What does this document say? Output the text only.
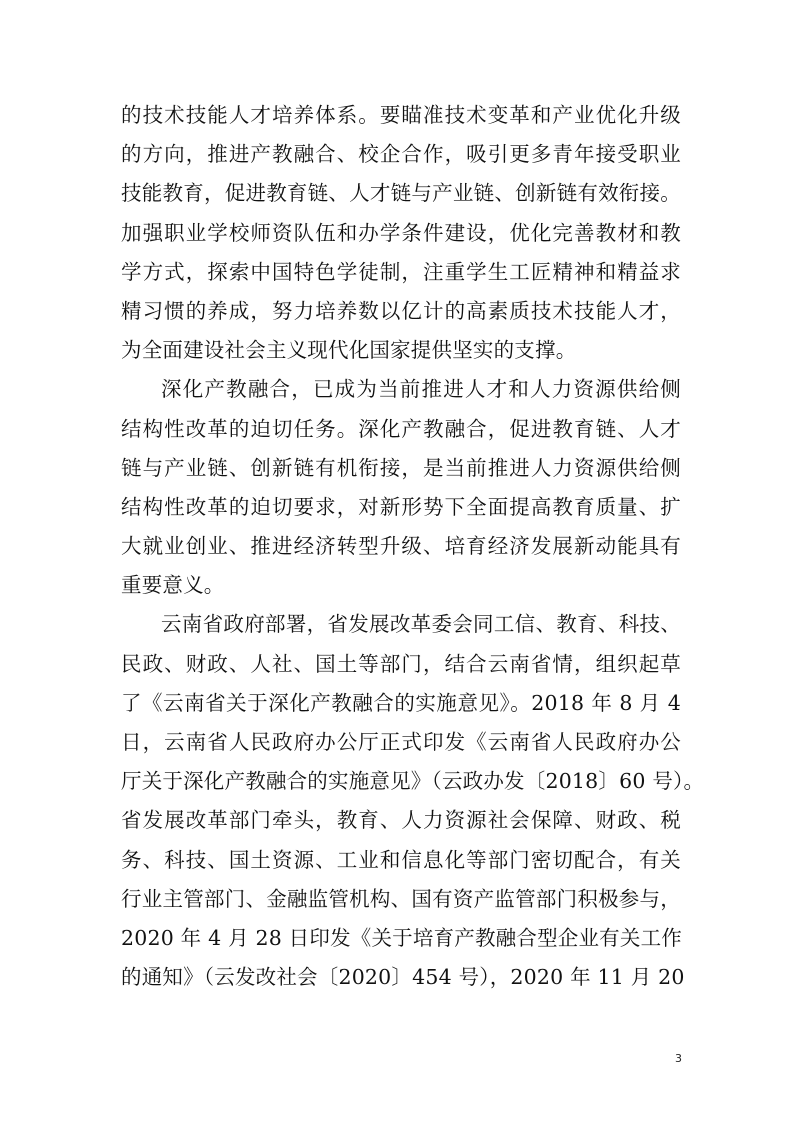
的技术技能人才培养体系。要瞄准技术变革和产业优化升级
的方向，推进产教融合、校企合作，吸引更多青年接受职业
技能教育，促进教育链、人才链与产业链、创新链有效衔接。
加强职业学校师资队伍和办学条件建设，优化完善教材和教
学方式，探索中国特色学徒制，注重学生工匠精神和精益求
精习惯的养成，努力培养数以亿计的高素质技术技能人才，
为全面建设社会主义现代化国家提供坚实的支撑。
深化产教融合，已成为当前推进人才和人力资源供给侧
结构性改革的迫切任务。深化产教融合，促进教育链、人才
链与产业链、创新链有机衔接，是当前推进人力资源供给侧
结构性改革的迫切要求，对新形势下全面提高教育质量、扩
大就业创业、推进经济转型升级、培育经济发展新动能具有
重要意义。
云南省政府部署，省发展改革委会同工信、教育、科技、
民政、财政、人社、国土等部门，结合云南省情，组织起草
了《云南省关于深化产教融合的实施意见》。2018 年 8 月 4
日，云南省人民政府办公厅正式印发《云南省人民政府办公
厅关于深化产教融合的实施意见》（云政办发〔2018〕60 号）。
省发展改革部门牵头，教育、人力资源社会保障、财政、税
务、科技、国土资源、工业和信息化等部门密切配合，有关
行业主管部门、金融监管机构、国有资产监管部门积极参与，
2020 年 4 月 28 日印发《关于培育产教融合型企业有关工作
的通知》（云发改社会〔2020〕454 号），2020 年 11 月 20
3
